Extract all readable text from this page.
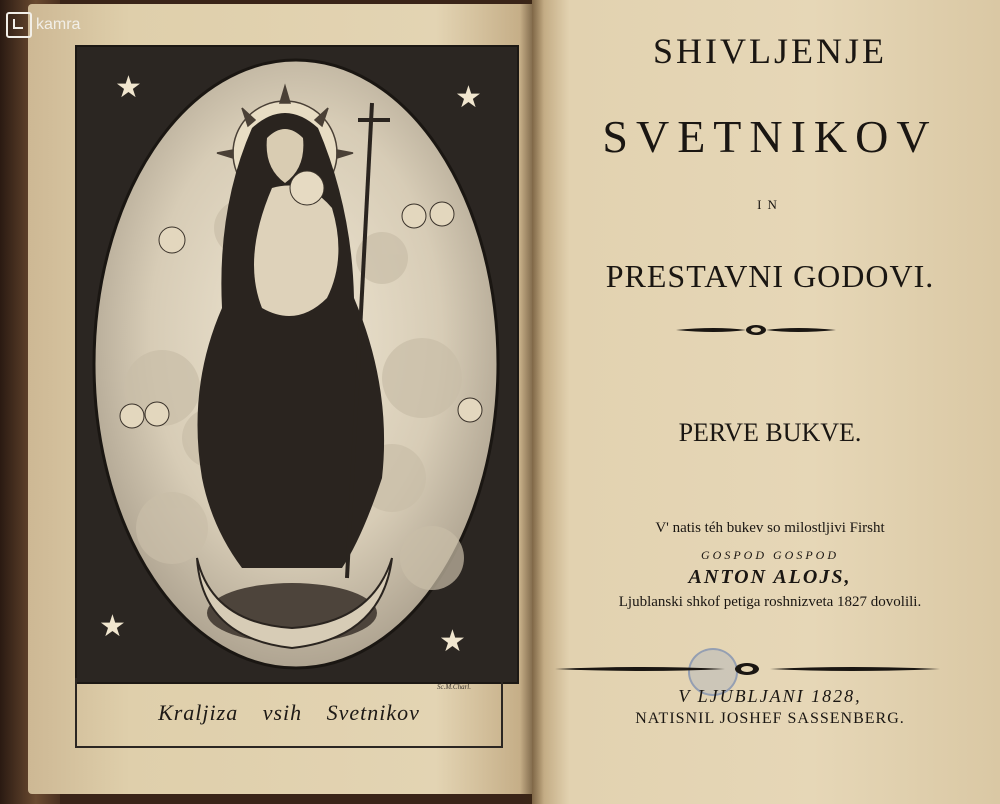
kamra
★	★
★	★
Kraljiza vsih Svetnikov
Sc.M.Charl.
SHIVLJENJE
SVETNIKOV
IN
PRESTAVNI GODOVI.
PERVE BUKVE.
V' natis téh bukev so milostljivi Firsht
GOSPOD GOSPOD
ANTON ALOJS,
Ljublanski shkof petiga roshnizveta 1827 dovolili.
V LJUBLJANI 1828,
NATISNIL JOSHEF SASSENBERG.
